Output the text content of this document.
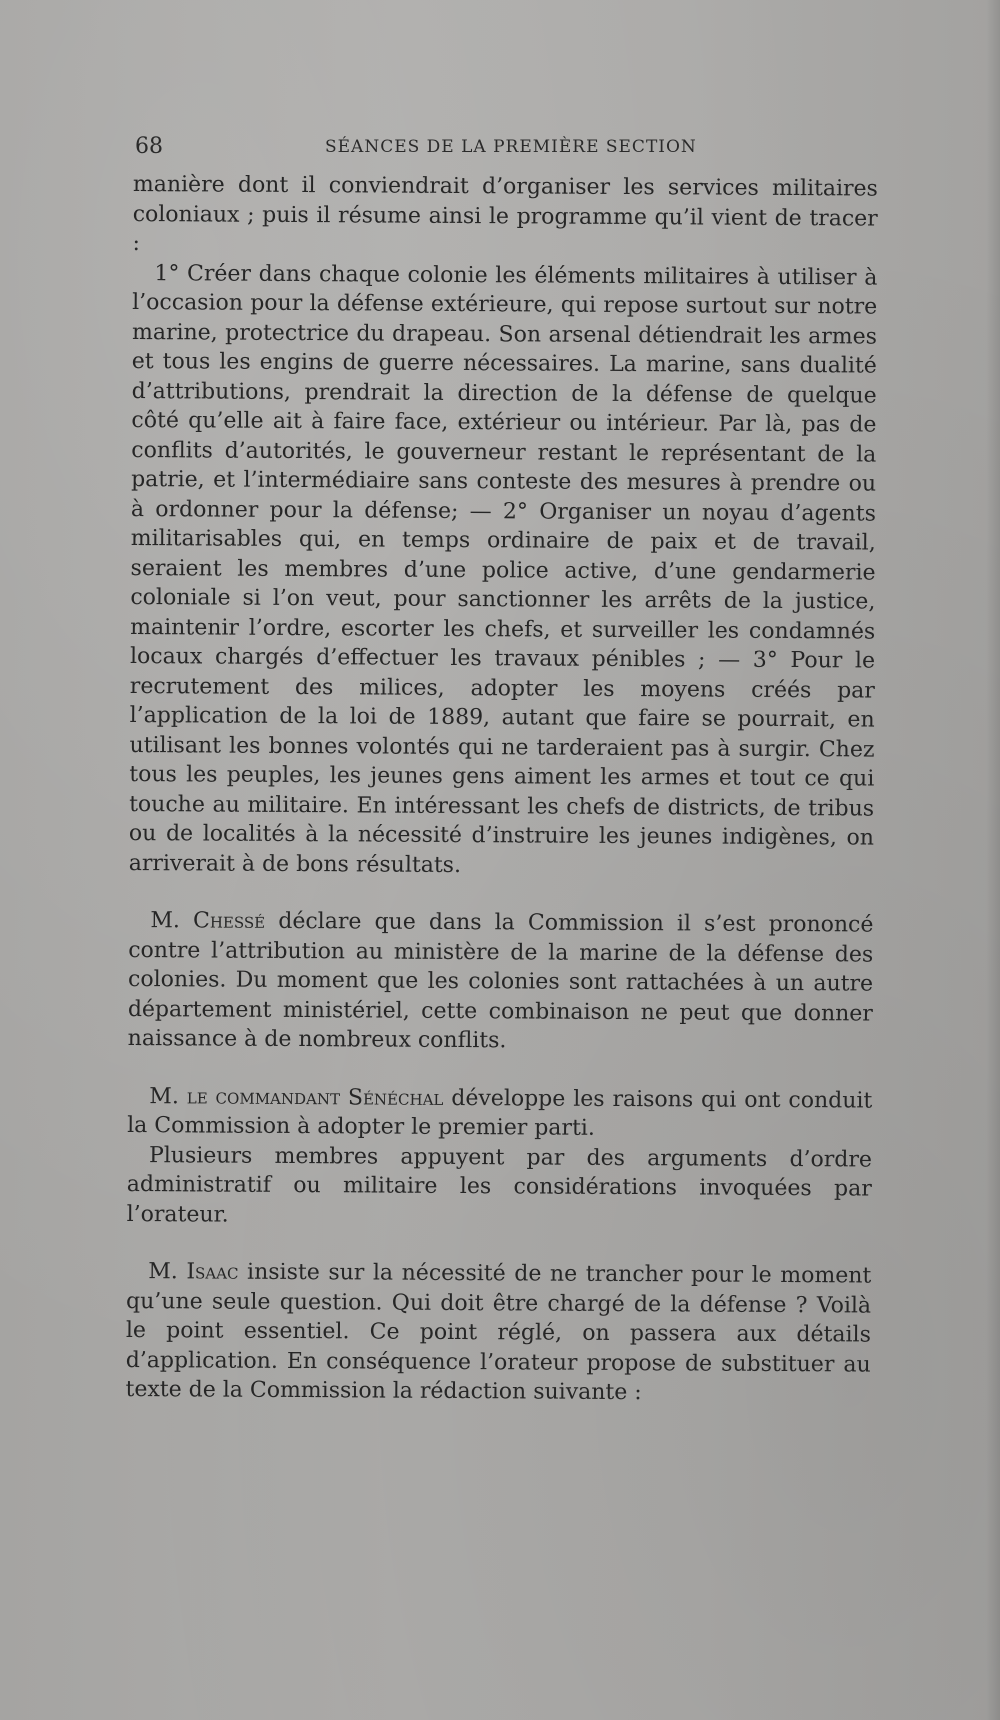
68	SÉANCES DE LA PREMIÈRE SECTION

manière dont il conviendrait d’organiser les services militaires coloniaux ; puis il résume ainsi le programme qu’il vient de tracer :

1° Créer dans chaque colonie les éléments militaires à utiliser à l’occasion pour la défense extérieure, qui repose surtout sur notre marine, protectrice du drapeau. Son arsenal détiendrait les armes et tous les engins de guerre nécessaires. La marine, sans dualité d’attributions, prendrait la direction de la défense de quelque côté qu’elle ait à faire face, extérieur ou intérieur. Par là, pas de conflits d’autorités, le gouverneur restant le représentant de la patrie, et l’intermédiaire sans conteste des mesures à prendre ou à ordonner pour la défense; — 2° Organiser un noyau d’agents militarisables qui, en temps ordinaire de paix et de travail, seraient les membres d’une police active, d’une gendarmerie coloniale si l’on veut, pour sanctionner les arrêts de la justice, maintenir l’ordre, escorter les chefs, et surveiller les condamnés locaux chargés d’effectuer les travaux pénibles ; — 3° Pour le recrutement des milices, adopter les moyens créés par l’application de la loi de 1889, autant que faire se pourrait, en utilisant les bonnes volontés qui ne tarderaient pas à surgir. Chez tous les peuples, les jeunes gens aiment les armes et tout ce qui touche au militaire. En intéressant les chefs de districts, de tribus ou de localités à la nécessité d’instruire les jeunes indigènes, on arriverait à de bons résultats.

M. Chessé déclare que dans la Commission il s’est prononcé contre l’attribution au ministère de la marine de la défense des colonies. Du moment que les colonies sont rattachées à un autre département ministériel, cette combinaison ne peut que donner naissance à de nombreux conflits.

M. le commandant Sénéchal développe les raisons qui ont conduit la Commission à adopter le premier parti.

Plusieurs membres appuyent par des arguments d’ordre administratif ou militaire les considérations invoquées par l’orateur.

M. Isaac insiste sur la nécessité de ne trancher pour le moment qu’une seule question. Qui doit être chargé de la défense ? Voilà le point essentiel. Ce point réglé, on passera aux détails d’application. En conséquence l’orateur propose de substituer au texte de la Commission la rédaction suivante :
